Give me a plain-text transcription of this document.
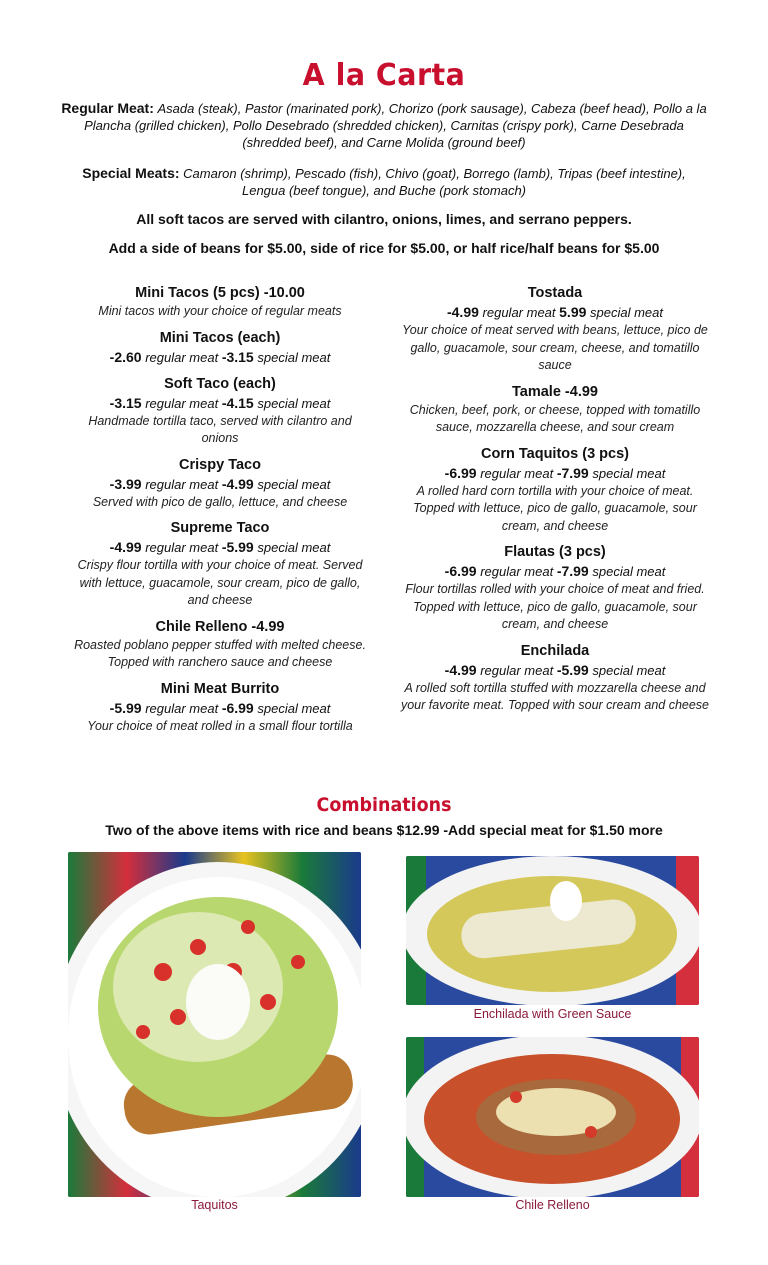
A la Carta
Regular Meat: Asada (steak), Pastor (marinated pork), Chorizo (pork sausage), Cabeza (beef head), Pollo a la Plancha (grilled chicken), Pollo Desebrado (shredded chicken), Carnitas (crispy pork), Carne Desebrada (shredded beef), and Carne Molida (ground beef)
Special Meats: Camaron (shrimp), Pescado (fish), Chivo (goat), Borrego (lamb), Tripas (beef intestine), Lengua (beef tongue), and Buche (pork stomach)
All soft tacos are served with cilantro, onions, limes, and serrano peppers.
Add a side of beans for $5.00, side of rice for $5.00, or half rice/half beans for $5.00
Mini Tacos (5 pcs) -10.00
Mini tacos with your choice of regular meats
Mini Tacos (each)
-2.60 regular meat -3.15 special meat
Soft Taco (each)
-3.15 regular meat -4.15 special meat
Handmade tortilla taco, served with cilantro and onions
Crispy Taco
-3.99 regular meat -4.99 special meat
Served with pico de gallo, lettuce, and cheese
Supreme Taco
-4.99 regular meat -5.99 special meat
Crispy flour tortilla with your choice of meat. Served with lettuce, guacamole, sour cream, pico de gallo, and cheese
Chile Relleno -4.99
Roasted poblano pepper stuffed with melted cheese. Topped with ranchero sauce and cheese
Mini Meat Burrito
-5.99 regular meat -6.99 special meat
Your choice of meat rolled in a small flour tortilla
Tostada
-4.99 regular meat 5.99 special meat
Your choice of meat served with beans, lettuce, pico de gallo, guacamole, sour cream, cheese, and tomatillo sauce
Tamale -4.99
Chicken, beef, pork, or cheese, topped with tomatillo sauce, mozzarella cheese, and sour cream
Corn Taquitos (3 pcs)
-6.99 regular meat -7.99 special meat
A rolled hard corn tortilla with your choice of meat. Topped with lettuce, pico de gallo, guacamole, sour cream, and cheese
Flautas (3 pcs)
-6.99 regular meat -7.99 special meat
Flour tortillas rolled with your choice of meat and fried. Topped with lettuce, pico de gallo, guacamole, sour cream, and cheese
Enchilada
-4.99 regular meat -5.99 special meat
A rolled soft tortilla stuffed with mozzarella cheese and your favorite meat. Topped with sour cream and cheese
Combinations
Two of the above items with rice and beans $12.99 -Add special meat for $1.50 more
Taquitos
Enchilada with Green Sauce
Chile Relleno
